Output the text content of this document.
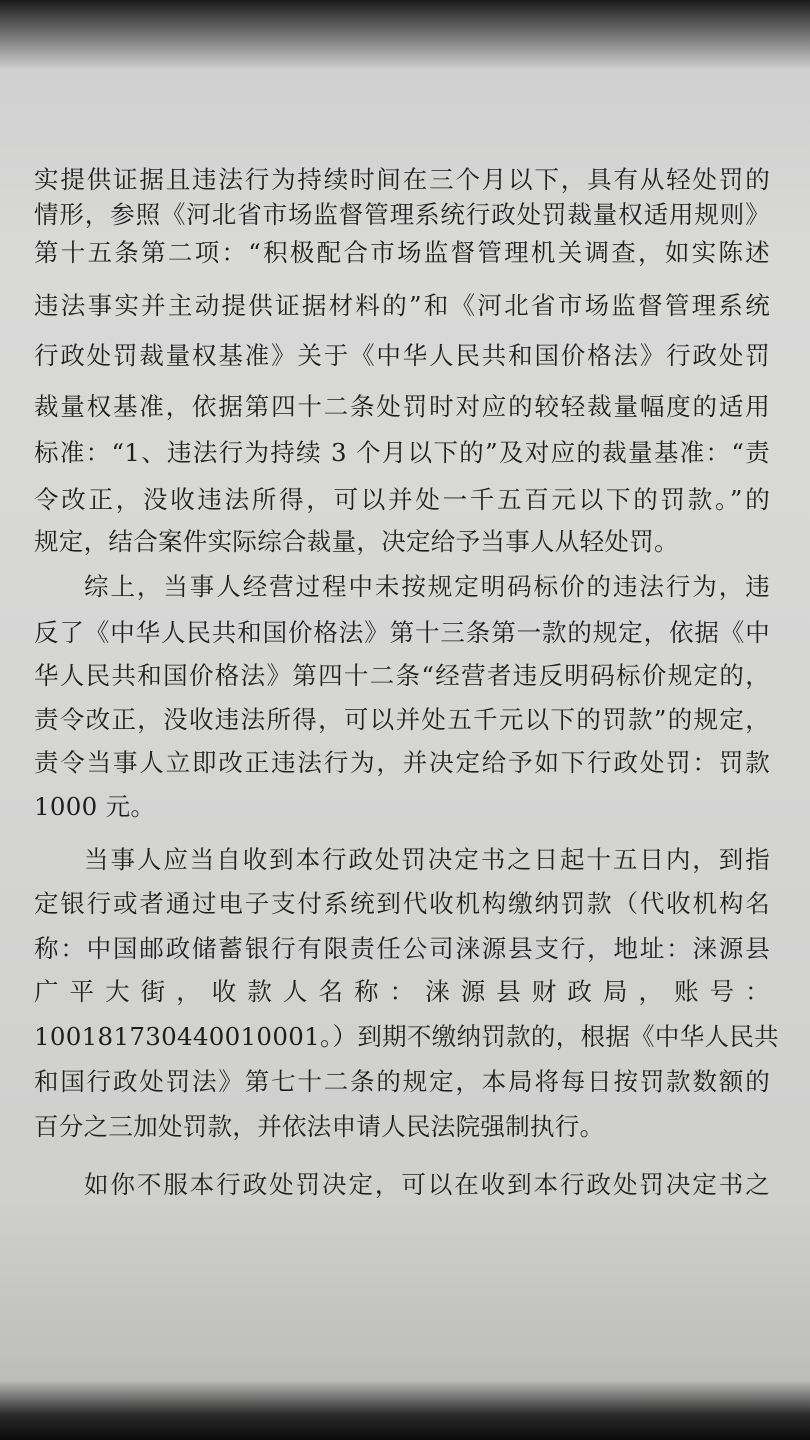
实提供证据且违法行为持续时间在三个月以下，具有从轻处罚的
情形，参照《河北省市场监督管理系统行政处罚裁量权适用规则》
第十五条第二项：“积极配合市场监督管理机关调查，如实陈述
违法事实并主动提供证据材料的”和《河北省市场监督管理系统
行政处罚裁量权基准》关于《中华人民共和国价格法》行政处罚
裁量权基准，依据第四十二条处罚时对应的较轻裁量幅度的适用
标准：“1、违法行为持续 3 个月以下的”及对应的裁量基准：“责
令改正，没收违法所得，可以并处一千五百元以下的罚款。”的
规定，结合案件实际综合裁量，决定给予当事人从轻处罚。
综上，当事人经营过程中未按规定明码标价的违法行为，违
反了《中华人民共和国价格法》第十三条第一款的规定，依据《中
华人民共和国价格法》第四十二条“经营者违反明码标价规定的，
责令改正，没收违法所得，可以并处五千元以下的罚款”的规定，
责令当事人立即改正违法行为，并决定给予如下行政处罚：罚款
1000 元。
当事人应当自收到本行政处罚决定书之日起十五日内，到指
定银行或者通过电子支付系统到代收机构缴纳罚款（代收机构名
称：中国邮政储蓄银行有限责任公司涞源县支行，地址：涞源县
广平大街，收款人名称：涞源县财政局，账号：
100181730440010001。）到期不缴纳罚款的，根据《中华人民共
和国行政处罚法》第七十二条的规定，本局将每日按罚款数额的
百分之三加处罚款，并依法申请人民法院强制执行。
如你不服本行政处罚决定，可以在收到本行政处罚决定书之
